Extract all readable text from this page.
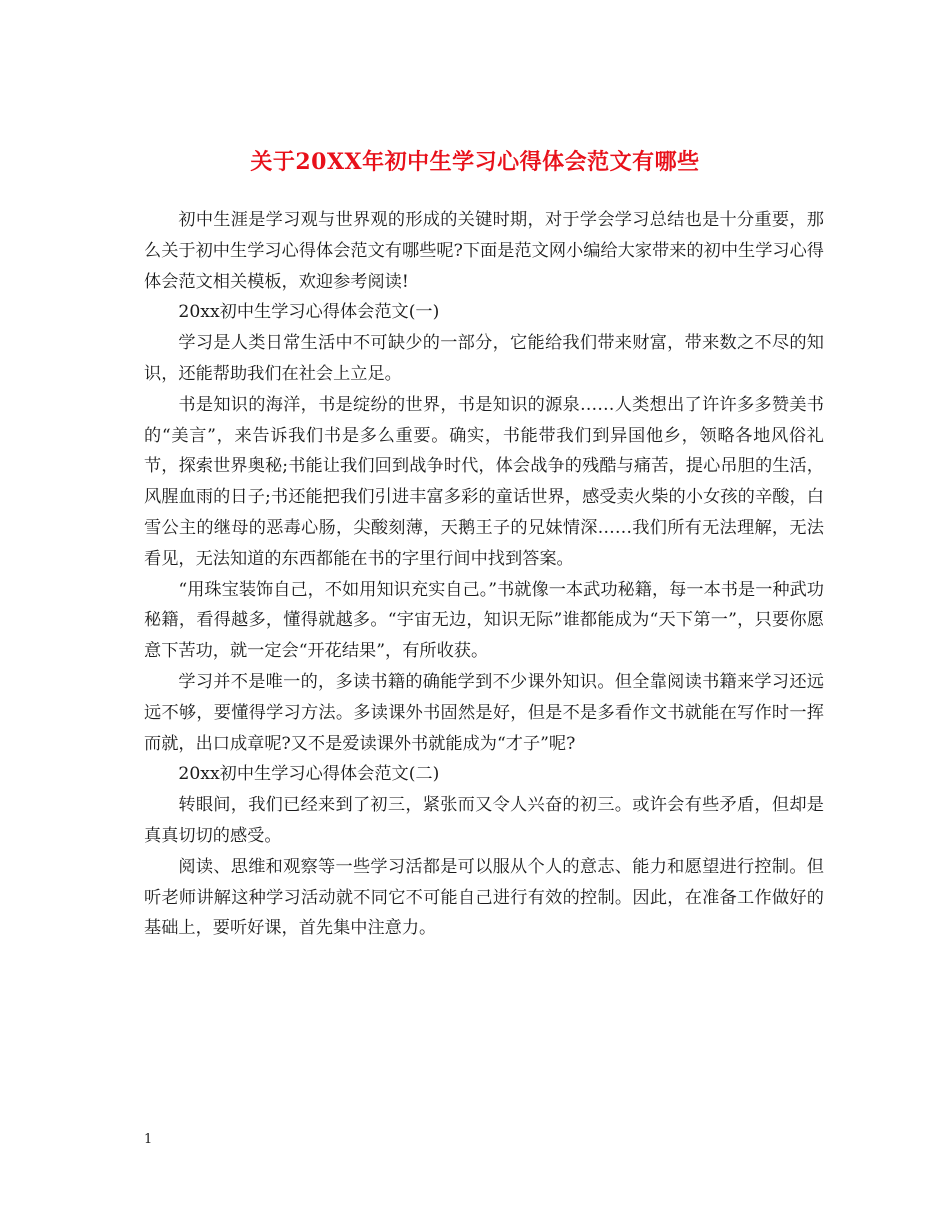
关于20XX年初中生学习心得体会范文有哪些

初中生涯是学习观与世界观的形成的关键时期，对于学会学习总结也是十分重要，那么关于初中生学习心得体会范文有哪些呢?下面是范文网小编给大家带来的初中生学习心得体会范文相关模板，欢迎参考阅读!

20xx初中生学习心得体会范文(一)

学习是人类日常生活中不可缺少的一部分，它能给我们带来财富，带来数之不尽的知识，还能帮助我们在社会上立足。

书是知识的海洋，书是绽纷的世界，书是知识的源泉……人类想出了许许多多赞美书的“美言”，来告诉我们书是多么重要。确实，书能带我们到异国他乡，领略各地风俗礼节，探索世界奥秘;书能让我们回到战争时代，体会战争的残酷与痛苦，提心吊胆的生活，风腥血雨的日子;书还能把我们引进丰富多彩的童话世界，感受卖火柴的小女孩的辛酸，白雪公主的继母的恶毒心肠，尖酸刻薄，天鹅王子的兄妹情深……我们所有无法理解，无法看见，无法知道的东西都能在书的字里行间中找到答案。

“用珠宝装饰自己，不如用知识充实自己。”书就像一本武功秘籍，每一本书是一种武功秘籍，看得越多，懂得就越多。“宇宙无边，知识无际”谁都能成为“天下第一”，只要你愿意下苦功，就一定会“开花结果”，有所收获。

学习并不是唯一的，多读书籍的确能学到不少课外知识。但全靠阅读书籍来学习还远远不够，要懂得学习方法。多读课外书固然是好，但是不是多看作文书就能在写作时一挥而就，出口成章呢?又不是爱读课外书就能成为“才子”呢?

20xx初中生学习心得体会范文(二)

转眼间，我们已经来到了初三，紧张而又令人兴奋的初三。或许会有些矛盾，但却是真真切切的感受。

阅读、思维和观察等一些学习活都是可以服从个人的意志、能力和愿望进行控制。但听老师讲解这种学习活动就不同它不可能自己进行有效的控制。因此，在准备工作做好的基础上，要听好课，首先集中注意力。

1
